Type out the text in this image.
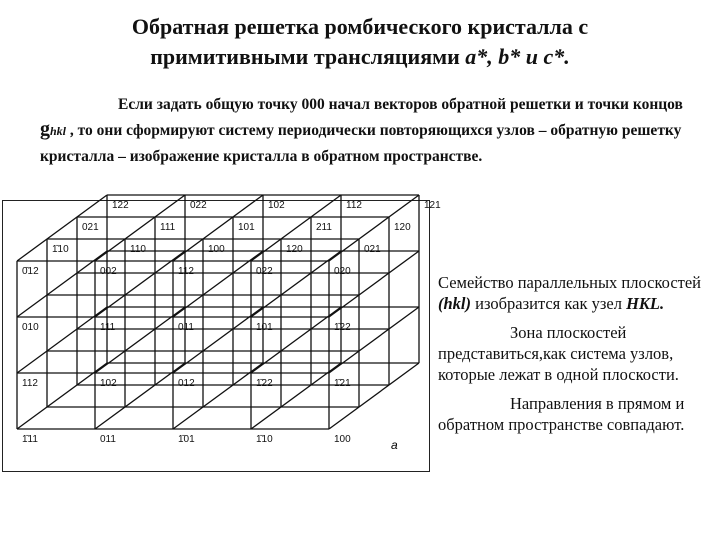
Обратная решетка ромбического кристалла с
примитивными трансляциями a*, b* и c*.
Если задать общую точку 000 начал векторов обратной решетки и точки концов ghkl , то они сформируют систему периодически повторяющихся узлов – обратную решетку кристалла – изображение кристалла в обратном пространстве.
122	022	102	112	121
021	111	101	211	120
1̄10	110	100	120	021
0̄12	002	112	022	020
010	111	011	101	1̄22
112	102	012	1̄22	1̄21
1̄11	011	1̄01	1̄10	100	a

Семейство параллельных плоскостей (hkl) изобразится как узел HKL.

Зона плоскостей представиться,как система узлов, которые лежат в одной плоскости.

Направления в прямом и обратном пространстве совпадают.
